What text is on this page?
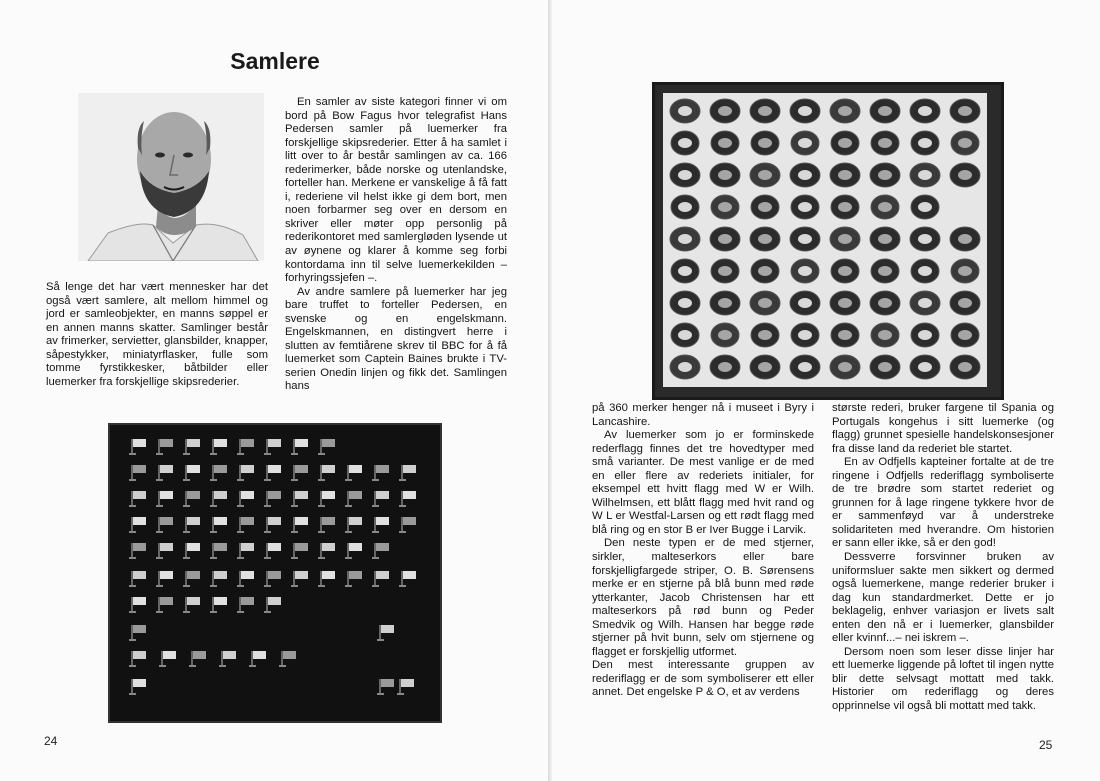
Samlere

Så lenge det har vært mennesker har det også vært samlere, alt mellom himmel og jord er samleobjekter, en manns søppel er en annen manns skatter. Samlinger består av frimerker, servietter, glansbilder, knapper, såpestykker, miniatyrflasker, fulle som tomme fyrstikkesker, båtbilder eller luemerker fra forskjellige skipsrederier.

En samler av siste kategori finner vi om bord på Bow Fagus hvor telegrafist Hans Pedersen samler på luemerker fra forskjellige skipsrederier. Etter å ha samlet i litt over to år består samlingen av ca. 166 rederimerker, både norske og utenlandske, forteller han. Merkene er vanskelige å få fatt i, rederiene vil helst ikke gi dem bort, men noen forbarmer seg over en dersom en skriver eller møter opp personlig på rederikontoret med samlergløden lysende ut av øynene og klarer å komme seg forbi kontordama inn til selve luemerkekilden – forhyringssjefen –.

Av andre samlere på luemerker har jeg bare truffet to forteller Pedersen, en svenske og en engelskmann. Engelskmannen, en distingvert herre i slutten av femtiårene skrev til BBC for å få luemerket som Captein Baines brukte i TV-serien Onedin linjen og fikk det. Samlingen hans

24

på 360 merker henger nå i museet i Byry i Lancashire.

Av luemerker som jo er forminskede rederflagg finnes det tre hovedtyper med små varianter. De mest vanlige er de med en eller flere av rederiets initialer, for eksempel ett hvitt flagg med W er Wilh. Wilhelmsen, ett blått flagg med hvit rand og W L er Westfal-Larsen og ett rødt flagg med blå ring og en stor B er Iver Bugge i Larvik.

Den neste typen er de med stjerner, sirkler, malteserkors eller bare forskjelligfargede striper, O. B. Sørensens merke er en stjerne på blå bunn med røde ytterkanter, Jacob Christensen har ett malteserkors på rød bunn og Peder Smedvik og Wilh. Hansen har begge røde stjerner på hvit bunn, selv om stjernene og flagget er forskjellig utformet.

Den mest interessante gruppen av rederiflagg er de som symboliserer ett eller annet. Det engelske P & O, et av verdens

største rederi, bruker fargene til Spania og Portugals kongehus i sitt luemerke (og flagg) grunnet spesielle handelskonsesjoner fra disse land da rederiet ble startet.

En av Odfjells kapteiner fortalte at de tre ringene i Odfjells rederiflagg symboliserte de tre brødre som startet rederiet og grunnen for å lage ringene tykkere hvor de er sammenføyd var å understreke solidariteten med hverandre. Om historien er sann eller ikke, så er den god!

Dessverre forsvinner bruken av uniformsluer sakte men sikkert og dermed også luemerkene, mange rederier bruker i dag kun standardmerket. Dette er jo beklagelig, enhver variasjon er livets salt enten den nå er i luemerker, glansbilder eller kvinnf...– nei iskrem –.

Dersom noen som leser disse linjer har ett luemerke liggende på loftet til ingen nytte blir dette selvsagt mottatt med takk. Historier om rederiflagg og deres opprinnelse vil også bli mottatt med takk.

25
